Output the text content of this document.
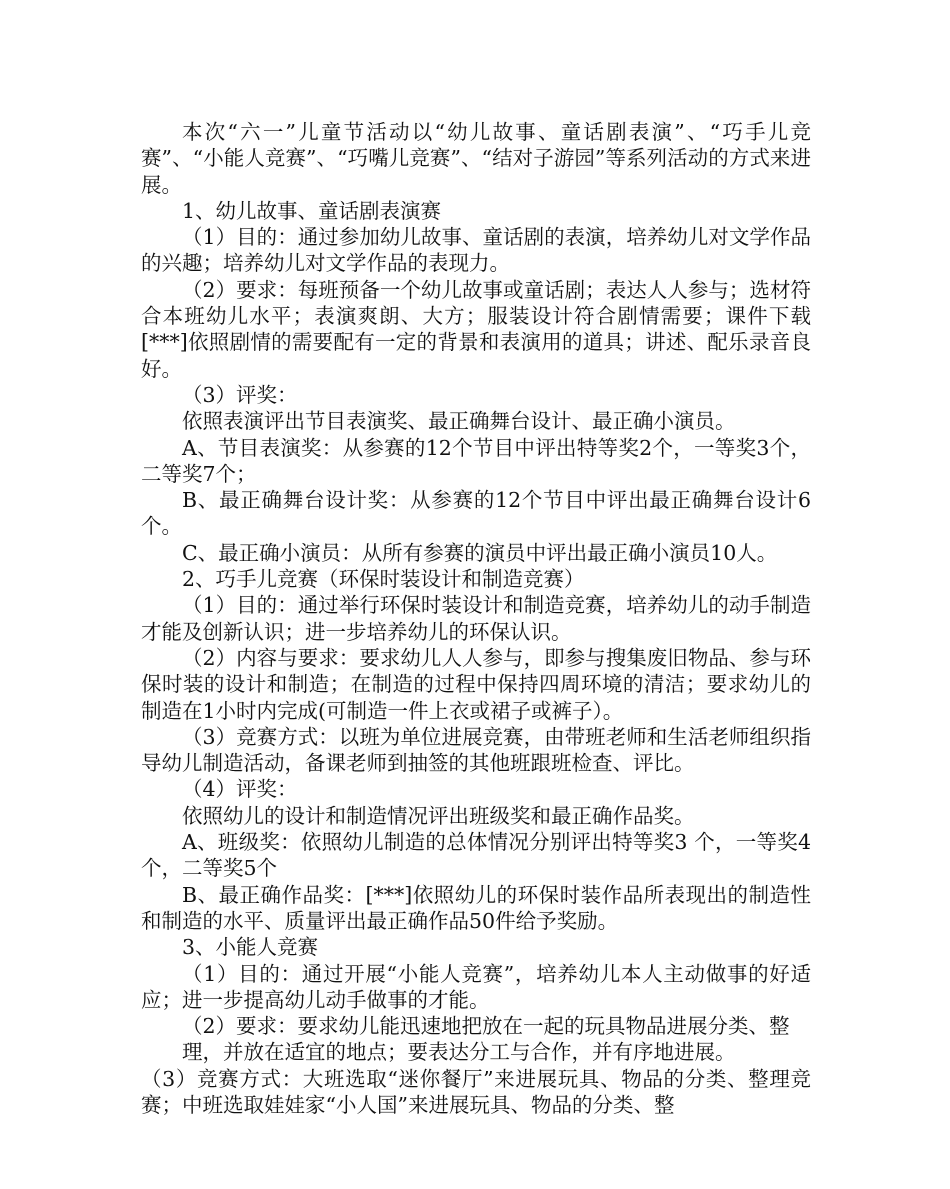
本次“六一”儿童节活动以“幼儿故事、童话剧表演”、“巧手儿竞赛”、“小能人竞赛”、“巧嘴儿竞赛”、“结对子游园”等系列活动的方式来进展。

1、幼儿故事、童话剧表演赛

（1）目的：通过参加幼儿故事、童话剧的表演，培养幼儿对文学作品的兴趣；培养幼儿对文学作品的表现力。

（2）要求：每班预备一个幼儿故事或童话剧；表达人人参与；选材符合本班幼儿水平；表演爽朗、大方；服装设计符合剧情需要；课件下载[***]依照剧情的需要配有一定的背景和表演用的道具；讲述、配乐录音良好。

（3）评奖：

依照表演评出节目表演奖、最正确舞台设计、最正确小演员。

A、节目表演奖：从参赛的12个节目中评出特等奖2个，一等奖3个，二等奖7个；

B、最正确舞台设计奖：从参赛的12个节目中评出最正确舞台设计6个。

C、最正确小演员：从所有参赛的演员中评出最正确小演员10人。

2、巧手儿竞赛（环保时装设计和制造竞赛）

（1）目的：通过举行环保时装设计和制造竞赛，培养幼儿的动手制造才能及创新认识；进一步培养幼儿的环保认识。

（2）内容与要求：要求幼儿人人参与，即参与搜集废旧物品、参与环保时装的设计和制造；在制造的过程中保持四周环境的清洁；要求幼儿的制造在1小时内完成(可制造一件上衣或裙子或裤子）。

（3）竞赛方式：以班为单位进展竞赛，由带班老师和生活老师组织指导幼儿制造活动，备课老师到抽签的其他班跟班检查、评比。

（4）评奖：

依照幼儿的设计和制造情况评出班级奖和最正确作品奖。

A、班级奖：依照幼儿制造的总体情况分别评出特等奖3 个，一等奖4个，二等奖5个

B、最正确作品奖：[***]依照幼儿的环保时装作品所表现出的制造性和制造的水平、质量评出最正确作品50件给予奖励。

3、小能人竞赛

（1）目的：通过开展“小能人竞赛”，培养幼儿本人主动做事的好适应；进一步提高幼儿动手做事的才能。

（2）要求：要求幼儿能迅速地把放在一起的玩具物品进展分类、整

理，并放在适宜的地点；要表达分工与合作，并有序地进展。

（3）竞赛方式：大班选取“迷你餐厅”来进展玩具、物品的分类、整理竞赛；中班选取娃娃家“小人国”来进展玩具、物品的分类、整
